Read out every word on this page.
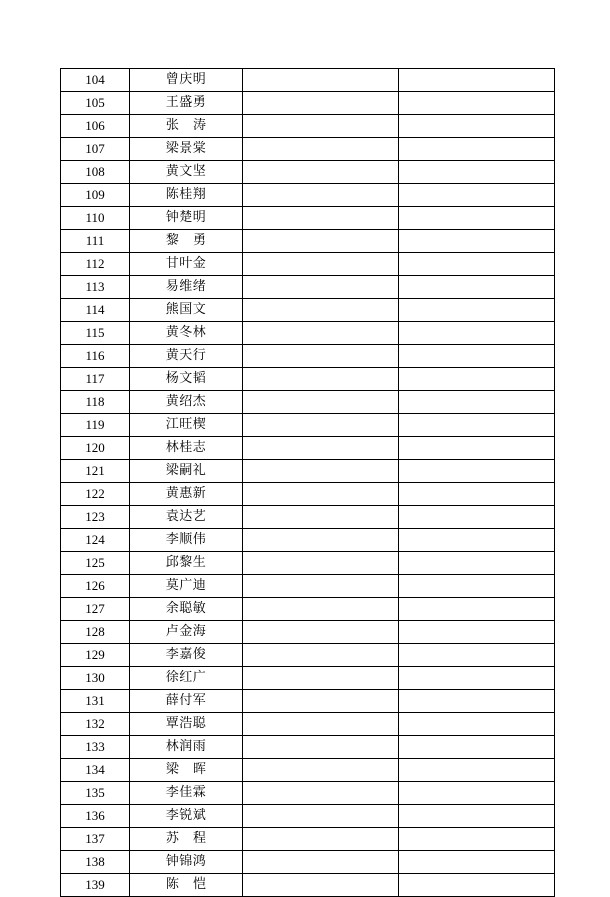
104	曾庆明		
105	王盛勇		
106	张 涛		
107	梁景棠		
108	黄文坚		
109	陈桂翔		
110	钟楚明		
111	黎 勇		
112	甘叶金		
113	易维绪		
114	熊国文		
115	黄冬林		
116	黄天行		
117	杨文韬		
118	黄绍杰		
119	江旺楔		
120	林桂志		
121	梁嗣礼		
122	黄惠新		
123	袁达艺		
124	李顺伟		
125	邱黎生		
126	莫广迪		
127	余聪敏		
128	卢金海		
129	李嘉俊		
130	徐红广		
131	薛付军		
132	覃浩聪		
133	林润雨		
134	梁 晖		
135	李佳霖		
136	李锐斌		
137	苏 程		
138	钟锦鸿		
139	陈 恺		
